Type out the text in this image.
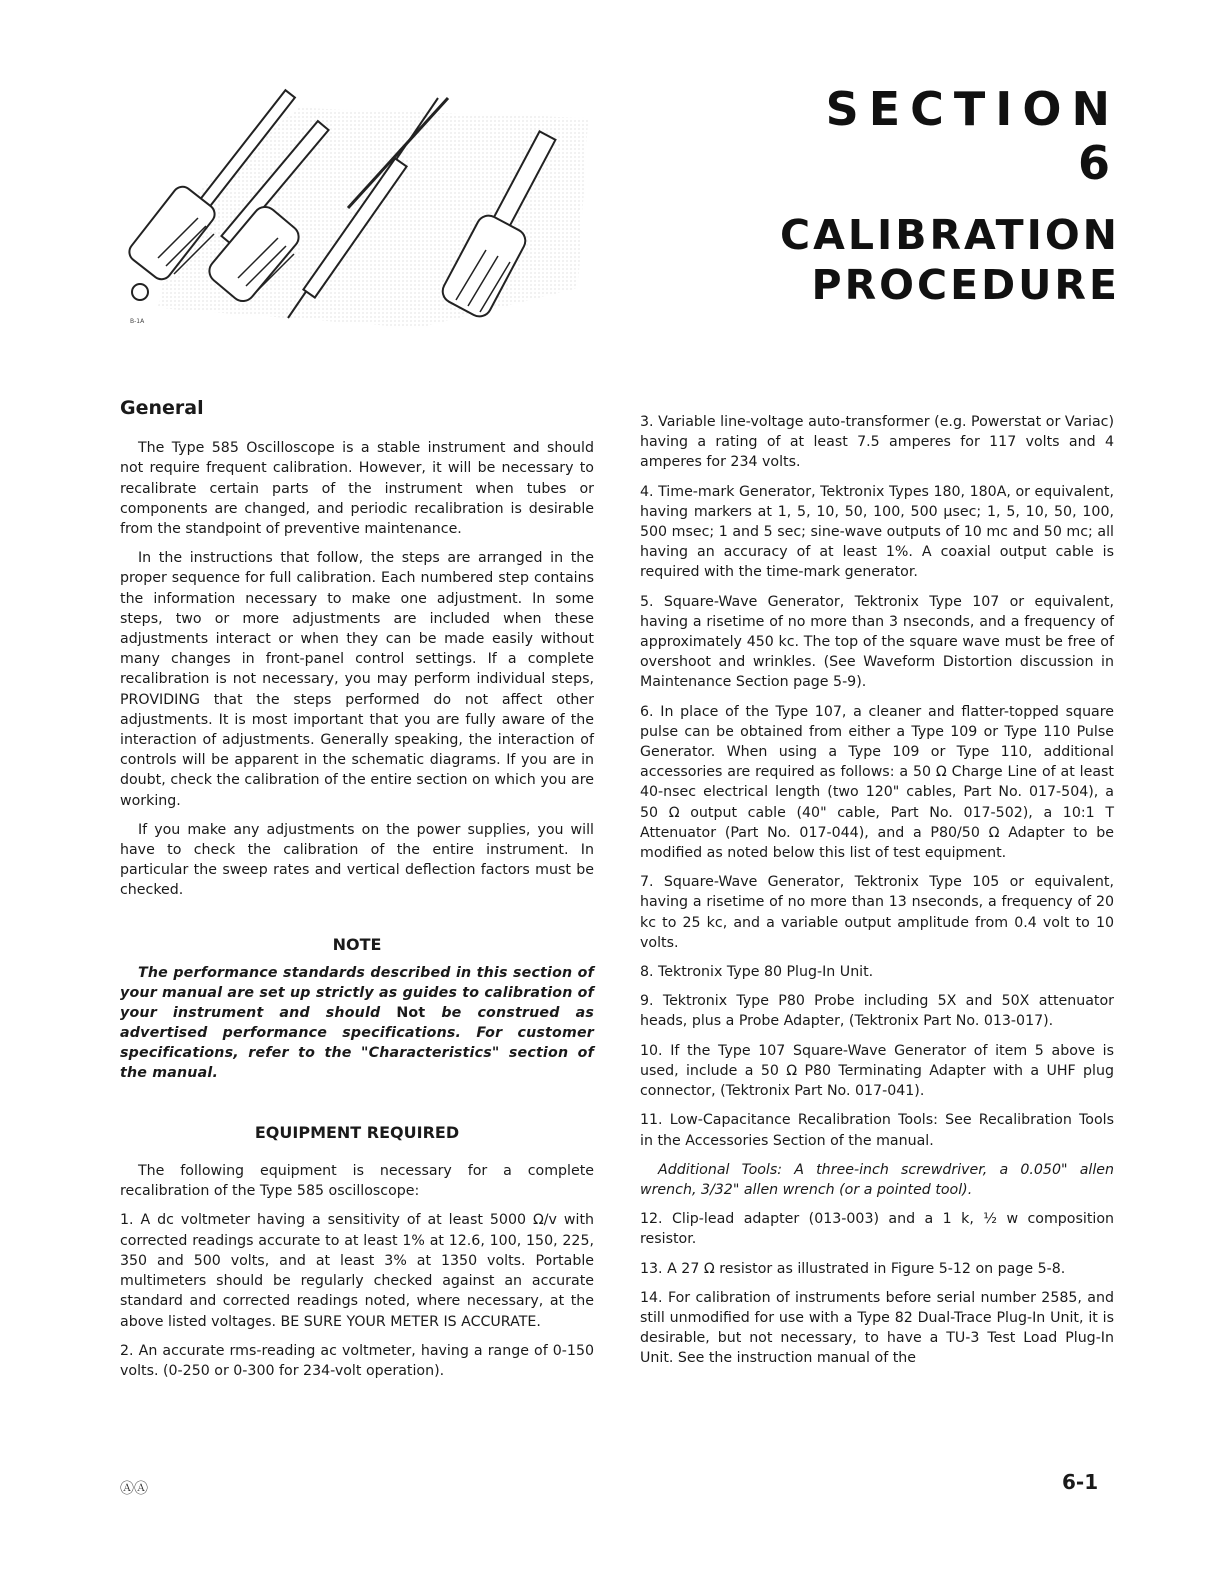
B-1A
SECTION 6
CALIBRATION
PROCEDURE
General

The Type 585 Oscilloscope is a stable instrument and should not require frequent calibration. However, it will be necessary to recalibrate certain parts of the instrument when tubes or components are changed, and periodic recalibration is desirable from the standpoint of preventive maintenance.

In the instructions that follow, the steps are arranged in the proper sequence for full calibration. Each numbered step contains the information necessary to make one adjustment. In some steps, two or more adjustments are included when these adjustments interact or when they can be made easily without many changes in front-panel control settings. If a complete recalibration is not necessary, you may perform individual steps, PROVIDING that the steps performed do not affect other adjustments. It is most important that you are fully aware of the interaction of adjustments. Generally speaking, the interaction of controls will be apparent in the schematic diagrams. If you are in doubt, check the calibration of the entire section on which you are working.

If you make any adjustments on the power supplies, you will have to check the calibration of the entire instrument. In particular the sweep rates and vertical deflection factors must be checked.

NOTE

The performance standards described in this section of your manual are set up strictly as guides to calibration of your instrument and should Not be construed as advertised performance specifications. For customer specifications, refer to the "Characteristics" section of the manual.

EQUIPMENT REQUIRED

The following equipment is necessary for a complete recalibration of the Type 585 oscilloscope:

1. A dc voltmeter having a sensitivity of at least 5000 Ω/v with corrected readings accurate to at least 1% at 12.6, 100, 150, 225, 350 and 500 volts, and at least 3% at 1350 volts. Portable multimeters should be regularly checked against an accurate standard and corrected readings noted, where necessary, at the above listed voltages. BE SURE YOUR METER IS ACCURATE.

2. An accurate rms-reading ac voltmeter, having a range of 0-150 volts. (0-250 or 0-300 for 234-volt operation).

3. Variable line-voltage auto-transformer (e.g. Powerstat or Variac) having a rating of at least 7.5 amperes for 117 volts and 4 amperes for 234 volts.

4. Time-mark Generator, Tektronix Types 180, 180A, or equivalent, having markers at 1, 5, 10, 50, 100, 500 μsec; 1, 5, 10, 50, 100, 500 msec; 1 and 5 sec; sine-wave outputs of 10 mc and 50 mc; all having an accuracy of at least 1%. A coaxial output cable is required with the time-mark generator.

5. Square-Wave Generator, Tektronix Type 107 or equivalent, having a risetime of no more than 3 nseconds, and a frequency of approximately 450 kc. The top of the square wave must be free of overshoot and wrinkles. (See Waveform Distortion discussion in Maintenance Section page 5-9).

6. In place of the Type 107, a cleaner and flatter-topped square pulse can be obtained from either a Type 109 or Type 110 Pulse Generator. When using a Type 109 or Type 110, additional accessories are required as follows: a 50 Ω Charge Line of at least 40-nsec electrical length (two 120" cables, Part No. 017-504), a 50 Ω output cable (40" cable, Part No. 017-502), a 10:1 T Attenuator (Part No. 017-044), and a P80/50 Ω Adapter to be modified as noted below this list of test equipment.

7. Square-Wave Generator, Tektronix Type 105 or equivalent, having a risetime of no more than 13 nseconds, a frequency of 20 kc to 25 kc, and a variable output amplitude from 0.4 volt to 10 volts.

8. Tektronix Type 80 Plug-In Unit.

9. Tektronix Type P80 Probe including 5X and 50X attenuator heads, plus a Probe Adapter, (Tektronix Part No. 013-017).

10. If the Type 107 Square-Wave Generator of item 5 above is used, include a 50 Ω P80 Terminating Adapter with a UHF plug connector, (Tektronix Part No. 017-041).

11. Low-Capacitance Recalibration Tools: See Recalibration Tools in the Accessories Section of the manual.

Additional Tools: A three-inch screwdriver, a 0.050" allen wrench, 3/32" allen wrench (or a pointed tool).

12. Clip-lead adapter (013-003) and a 1 k, ½ w composition resistor.

13. A 27 Ω resistor as illustrated in Figure 5-12 on page 5-8.

14. For calibration of instruments before serial number 2585, and still unmodified for use with a Type 82 Dual-Trace Plug-In Unit, it is desirable, but not necessary, to have a TU-3 Test Load Plug-In Unit. See the instruction manual of the

ⒶⒶ	6-1
